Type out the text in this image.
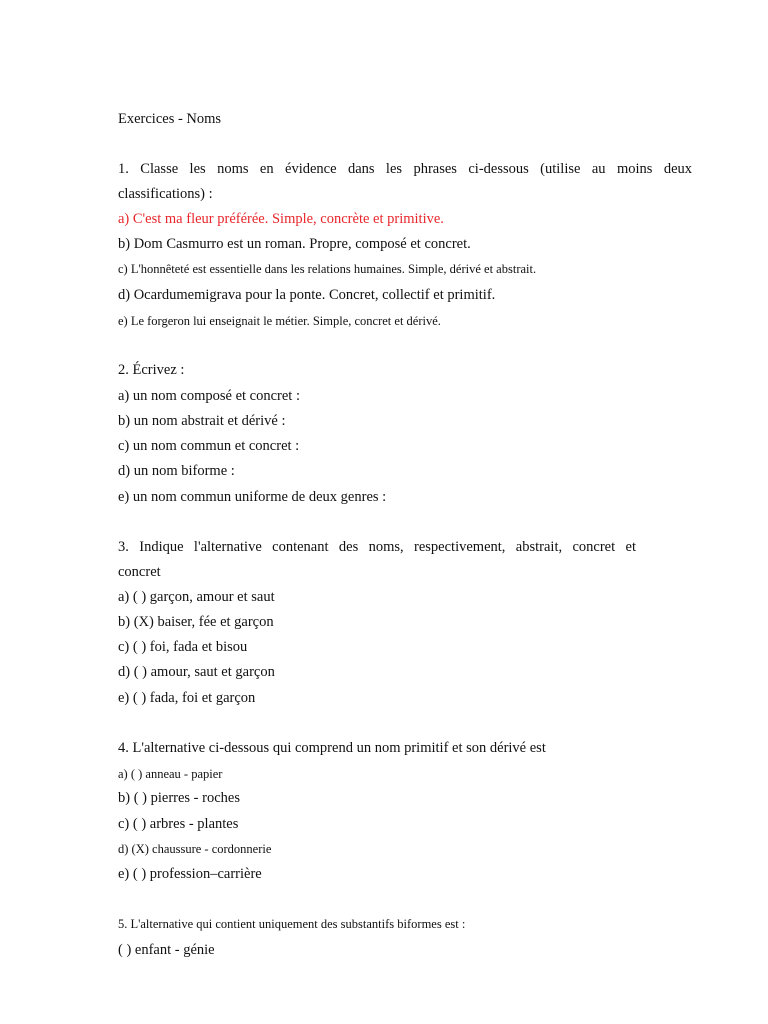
Exercices - Noms
1. Classe les noms en évidence dans les phrases ci-dessous (utilise au moins deux
classifications) :
a) C'est ma fleur préférée. Simple, concrète et primitive.
b) Dom Casmurro est un roman. Propre, composé et concret.
c) L'honnêteté est essentielle dans les relations humaines. Simple, dérivé et abstrait.
d) Ocardumemigrava pour la ponte. Concret, collectif et primitif.
e) Le forgeron lui enseignait le métier. Simple, concret et dérivé.
2. Écrivez :
a) un nom composé et concret :
b) un nom abstrait et dérivé :
c) un nom commun et concret :
d) un nom biforme :
e) un nom commun uniforme de deux genres :
3. Indique l'alternative contenant des noms, respectivement, abstrait, concret et
concret
a) ( ) garçon, amour et saut
b) (X) baiser, fée et garçon
c) ( ) foi, fada et bisou
d) ( ) amour, saut et garçon
e) ( ) fada, foi et garçon
4. L'alternative ci-dessous qui comprend un nom primitif et son dérivé est
a) ( ) anneau - papier
b) ( ) pierres - roches
c) ( ) arbres - plantes
d) (X) chaussure - cordonnerie
e) ( ) profession–carrière
5. L'alternative qui contient uniquement des substantifs biformes est :
( ) enfant - génie
